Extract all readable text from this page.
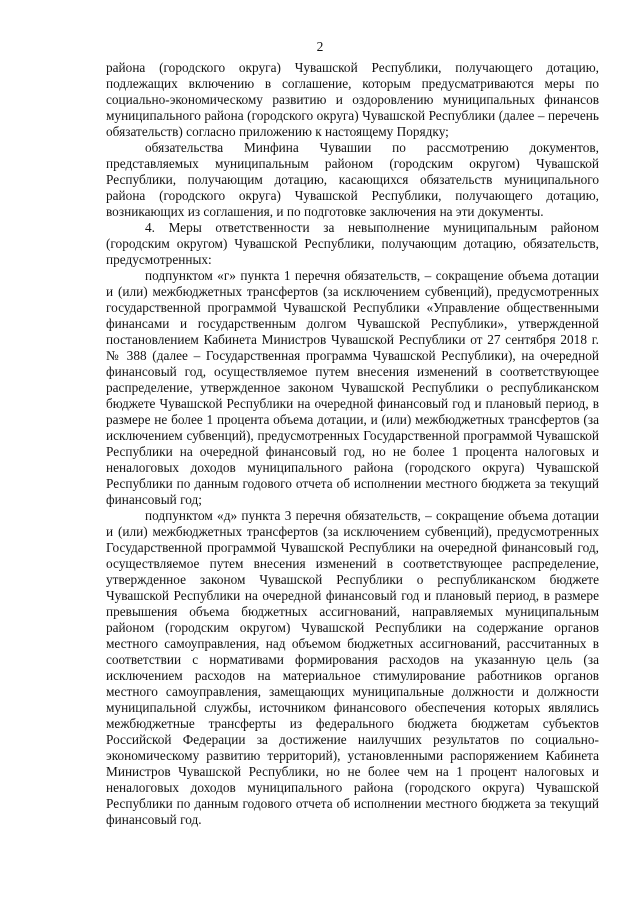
2

района (городского округа) Чувашской Республики, получающего дотацию, подлежащих включению в соглашение, которым предусматриваются меры по социально-экономическому развитию и оздоровлению муниципальных финансов муниципального района (городского округа) Чувашской Республики (далее – перечень обязательств) согласно приложению к настоящему Порядку;

обязательства Минфина Чувашии по рассмотрению документов, представляемых муниципальным районом (городским округом) Чувашской Республики, получающим дотацию, касающихся обязательств муниципального района (городского округа) Чувашской Республики, получающего дотацию, возникающих из соглашения, и по подготовке заключения на эти документы.

4. Меры ответственности за невыполнение муниципальным районом (городским округом) Чувашской Республики, получающим дотацию, обязательств, предусмотренных:

подпунктом «г» пункта 1 перечня обязательств, – сокращение объема дотации и (или) межбюджетных трансфертов (за исключением субвенций), предусмотренных государственной программой Чувашской Республики «Управление общественными финансами и государственным долгом Чувашской Республики», утвержденной постановлением Кабинета Министров Чувашской Республики от 27 сентября 2018 г. № 388 (далее – Государственная программа Чувашской Республики), на очередной финансовый год, осуществляемое путем внесения изменений в соответствующее распределение, утвержденное законом Чувашской Республики о республиканском бюджете Чувашской Республики на очередной финансовый год и плановый период, в размере не более 1 процента объема дотации, и (или) межбюджетных трансфертов (за исключением субвенций), предусмотренных Государственной программой Чувашской Республики на очередной финансовый год, но не более 1 процента налоговых и неналоговых доходов муниципального района (городского округа) Чувашской Республики по данным годового отчета об исполнении местного бюджета за текущий финансовый год;

подпунктом «д» пункта 3 перечня обязательств, – сокращение объема дотации и (или) межбюджетных трансфертов (за исключением субвенций), предусмотренных Государственной программой Чувашской Республики на очередной финансовый год, осуществляемое путем внесения изменений в соответствующее распределение, утвержденное законом Чувашской Республики о республиканском бюджете Чувашской Республики на очередной финансовый год и плановый период, в размере превышения объема бюджетных ассигнований, направляемых муниципальным районом (городским округом) Чувашской Республики на содержание органов местного самоуправления, над объемом бюджетных ассигнований, рассчитанных в соответствии с нормативами формирования расходов на указанную цель (за исключением расходов на материальное стимулирование работников органов местного самоуправления, замещающих муниципальные должности и должности муниципальной службы, источником финансового обеспечения которых являлись межбюджетные трансферты из федерального бюджета бюджетам субъектов Российской Федерации за достижение наилучших результатов по социально-экономическому развитию территорий), установленными распоряжением Кабинета Министров Чувашской Республики, но не более чем на 1 процент налоговых и неналоговых доходов муниципального района (городского округа) Чувашской Республики по данным годового отчета об исполнении местного бюджета за текущий финансовый год.
